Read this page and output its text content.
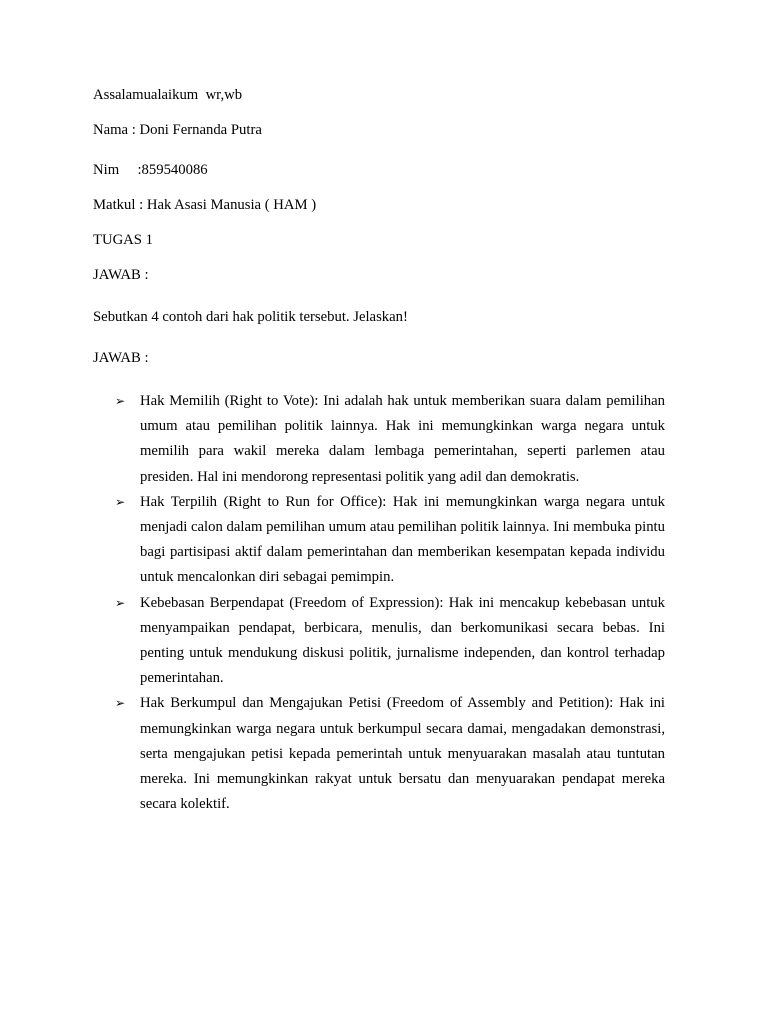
Assalamualaikum  wr,wb
Nama : Doni Fernanda Putra
Nim     :859540086
Matkul : Hak Asasi Manusia ( HAM )
TUGAS 1
JAWAB :
Sebutkan 4 contoh dari hak politik tersebut. Jelaskan!
JAWAB :
➢ Hak Memilih (Right to Vote): Ini adalah hak untuk memberikan suara dalam pemilihan umum atau pemilihan politik lainnya. Hak ini memungkinkan warga negara untuk memilih para wakil mereka dalam lembaga pemerintahan, seperti parlemen atau presiden. Hal ini mendorong representasi politik yang adil dan demokratis.
➢ Hak Terpilih (Right to Run for Office): Hak ini memungkinkan warga negara untuk menjadi calon dalam pemilihan umum atau pemilihan politik lainnya. Ini membuka pintu bagi partisipasi aktif dalam pemerintahan dan memberikan kesempatan kepada individu untuk mencalonkan diri sebagai pemimpin.
➢ Kebebasan Berpendapat (Freedom of Expression): Hak ini mencakup kebebasan untuk menyampaikan pendapat, berbicara, menulis, dan berkomunikasi secara bebas. Ini penting untuk mendukung diskusi politik, jurnalisme independen, dan kontrol terhadap pemerintahan.
➢ Hak Berkumpul dan Mengajukan Petisi (Freedom of Assembly and Petition): Hak ini memungkinkan warga negara untuk berkumpul secara damai, mengadakan demonstrasi, serta mengajukan petisi kepada pemerintah untuk menyuarakan masalah atau tuntutan mereka. Ini memungkinkan rakyat untuk bersatu dan menyuarakan pendapat mereka secara kolektif.
